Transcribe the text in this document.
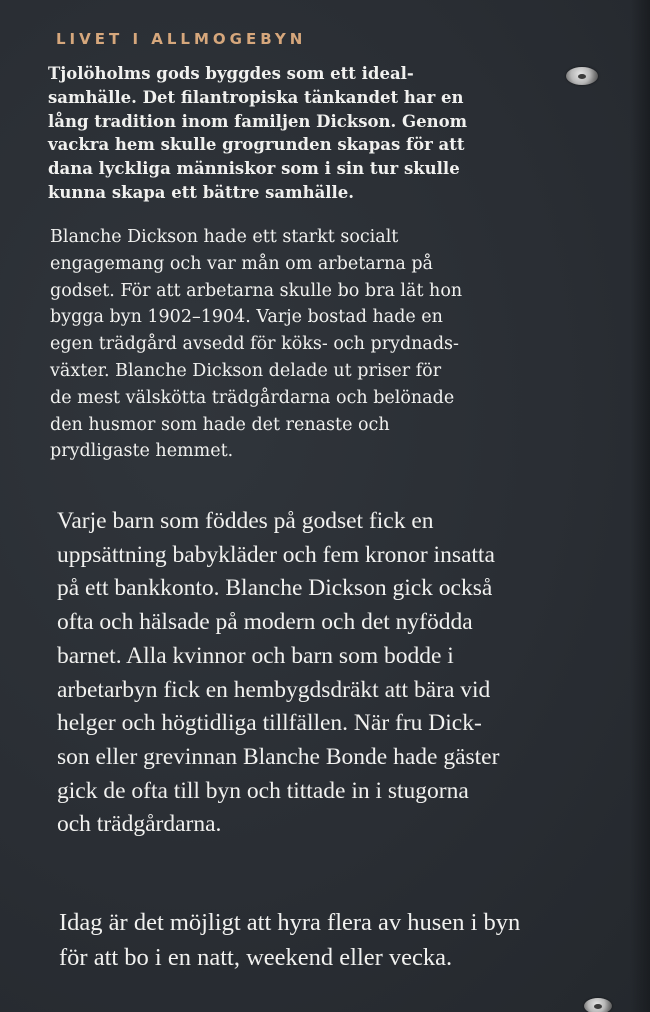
LIVET I ALLMOGEBYN
Tjolöholms gods byggdes som ett ideal-
samhälle. Det filantropiska tänkandet har en
lång tradition inom familjen Dickson. Genom
vackra hem skulle grogrunden skapas för att
dana lyckliga människor som i sin tur skulle
kunna skapa ett bättre samhälle.
Blanche Dickson hade ett starkt socialt
engagemang och var mån om arbetarna på
godset. För att arbetarna skulle bo bra lät hon
bygga byn 1902–1904. Varje bostad hade en
egen trädgård avsedd för köks- och prydnads-
växter. Blanche Dickson delade ut priser för
de mest välskötta trädgårdarna och belönade
den husmor som hade det renaste och
prydligaste hemmet.
Varje barn som föddes på godset fick en
uppsättning babykläder och fem kronor insatta
på ett bankkonto. Blanche Dickson gick också
ofta och hälsade på modern och det nyfödda
barnet. Alla kvinnor och barn som bodde i
arbetarbyn fick en hembygdsdräkt att bära vid
helger och högtidliga tillfällen. När fru Dick-
son eller grevinnan Blanche Bonde hade gäster
gick de ofta till byn och tittade in i stugorna
och trädgårdarna.
Idag är det möjligt att hyra flera av husen i byn
för att bo i en natt, weekend eller vecka.
